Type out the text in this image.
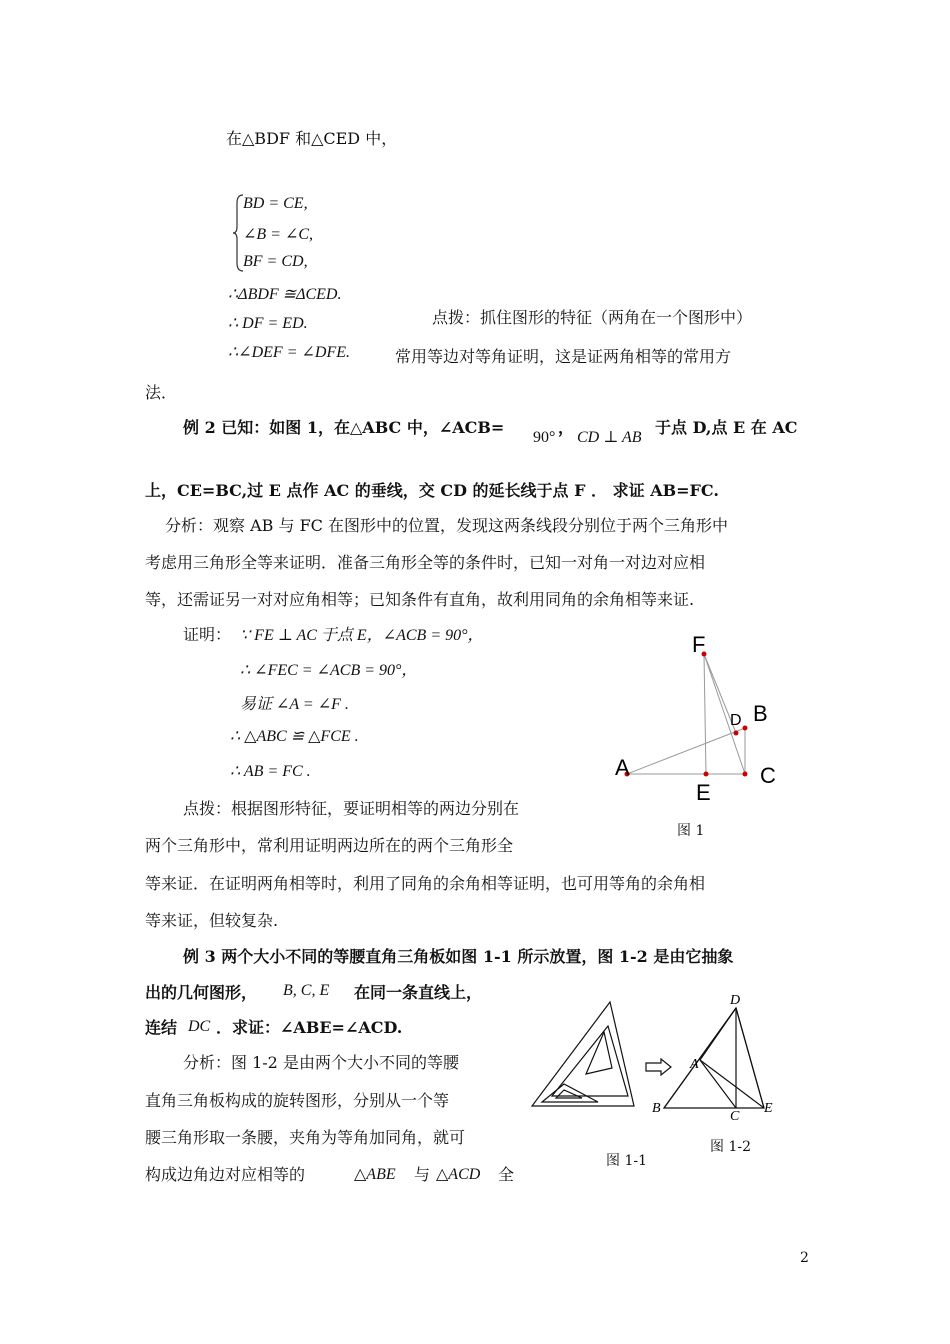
在△BDF 和△CED 中，
BD = CE,
∠B = ∠C,
BF = CD,
∴ΔBDF ≅ΔCED.
∴ DF = ED.
∴∠DEF = ∠DFE.
点拨：抓住图形的特征（两角在一个图形中）
常用等边对等角证明，这是证两角相等的常用方
法．
例 2 已知：如图 1，在△ABC 中，∠ACB=
90°
，
CD ⊥ AB
于点 D,点 E 在 AC
上，CE=BC,过 E 点作 AC 的垂线，交 CD 的延长线于点 F ． 求证 AB=FC.
分析：观察 AB 与 FC 在图形中的位置，发现这两条线段分别位于两个三角形中
考虑用三角形全等来证明．准备三角形全等的条件时，已知一对角一对边对应相
等，还需证另一对对应角相等；已知条件有直角，故利用同角的余角相等来证.
证明： ∵ FE ⊥ AC 于点 E，∠ACB = 90°，
∴ ∠FEC = ∠ACB = 90°，
易证 ∠A = ∠F .
∴ △ABC ≌ △FCE .
∴ AB = FC .
点拨：根据图形特征，要证明相等的两边分别在
两个三角形中，常利用证明两边所在的两个三角形全
等来证．在证明两角相等时，利用了同角的余角相等证明，也可用等角的余角相
等来证，但较复杂.
F
D B
A
E
C
图 1
例 3 两个大小不同的等腰直角三角板如图 1-1 所示放置，图 1-2 是由它抽象
出的几何图形， B, C, E 在同一条直线上，
连结 DC ．求证：∠ABE=∠ACD.
分析：图 1-2 是由两个大小不同的等腰
直角三角板构成的旋转图形，分别从一个等
腰三角形取一条腰，夹角为等角加同角，就可
构成边角边对应相等的	△ABE 与 △ACD 全
图 1-1
D
A
B
C
E
图 1-2
2
